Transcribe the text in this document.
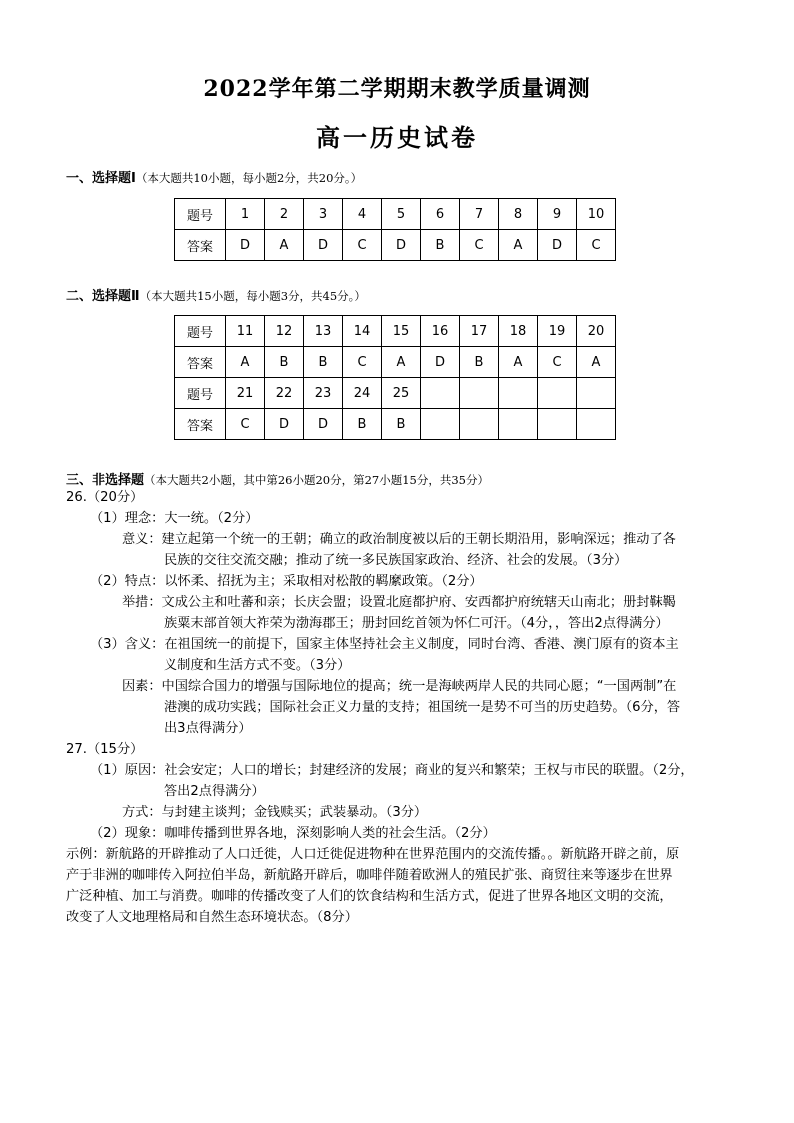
2022学年第二学期期末教学质量调测
高一历史试卷
一、选择题Ⅰ（本大题共10小题，每小题2分，共20分。）
题号	1	2	3	4	5	6	7	8	9	10
答案	D	A	D	C	D	B	C	A	D	C
二、选择题Ⅱ（本大题共15小题，每小题3分，共45分。）
题号	11	12	13	14	15	16	17	18	19	20
答案	A	B	B	C	A	D	B	A	C	A
题号	21	22	23	24	25					
答案	C	D	D	B	B					
三、非选择题（本大题共2小题，其中第26小题20分，第27小题15分，共35分）
26.（20分）
（1）理念：大一统。（2分）
意义：建立起第一个统一的王朝；确立的政治制度被以后的王朝长期沿用，影响深远；推动了各
民族的交往交流交融；推动了统一多民族国家政治、经济、社会的发展。（3分）
（2）特点：以怀柔、招抚为主；采取相对松散的羁縻政策。（2分）
举措：文成公主和吐蕃和亲；长庆会盟；设置北庭都护府、安西都护府统辖天山南北；册封靺鞨
族粟末部首领大祚荣为渤海郡王；册封回纥首领为怀仁可汗。（4分，，答出2点得满分）
（3）含义：在祖国统一的前提下，国家主体坚持社会主义制度，同时台湾、香港、澳门原有的资本主
义制度和生活方式不变。（3分）
因素：中国综合国力的增强与国际地位的提高；统一是海峡两岸人民的共同心愿；“一国两制”在
港澳的成功实践；国际社会正义力量的支持；祖国统一是势不可当的历史趋势。（6分，答
出3点得满分）
27.（15分）
（1）原因：社会安定；人口的增长；封建经济的发展；商业的复兴和繁荣；王权与市民的联盟。（2分，
答出2点得满分）
方式：与封建主谈判；金钱赎买；武装暴动。（3分）
（2）现象：咖啡传播到世界各地，深刻影响人类的社会生活。（2分）
示例：新航路的开辟推动了人口迁徙，人口迁徙促进物种在世界范围内的交流传播。。新航路开辟之前，原
产于非洲的咖啡传入阿拉伯半岛，新航路开辟后，咖啡伴随着欧洲人的殖民扩张、商贸往来等逐步在世界
广泛种植、加工与消费。咖啡的传播改变了人们的饮食结构和生活方式，促进了世界各地区文明的交流，
改变了人文地理格局和自然生态环境状态。（8分）
